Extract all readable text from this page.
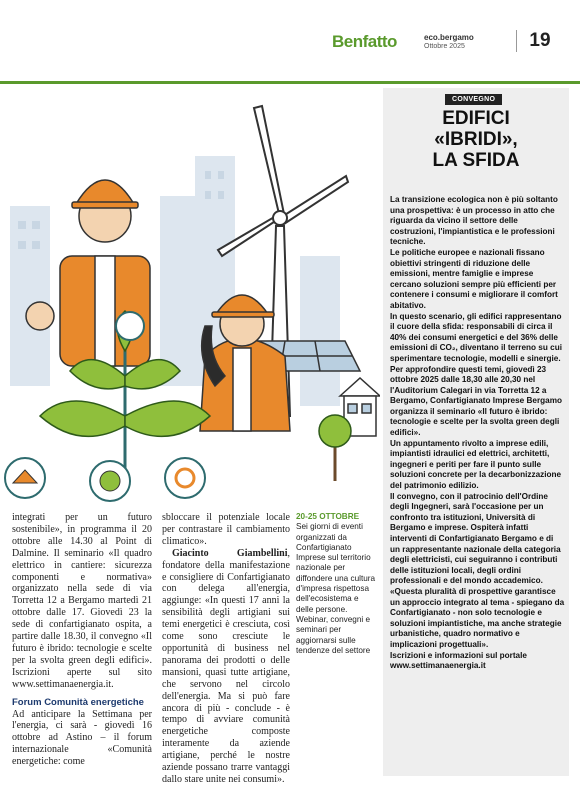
Benfatto	eco.bergamo
Ottobre 2025	19
CONVEGNO
EDIFICI
«IBRIDI»,
LA SFIDA

La transizione ecologica non è più soltanto una prospettiva: è un processo in atto che riguarda da vicino il settore delle costruzioni, l'impiantistica e le professioni tecniche.

Le politiche europee e nazionali fissano obiettivi stringenti di riduzione delle emissioni, mentre famiglie e imprese cercano soluzioni sempre più efficienti per contenere i consumi e migliorare il comfort abitativo.

In questo scenario, gli edifici rappresentano il cuore della sfida: responsabili di circa il 40% dei consumi energetici e del 36% delle emissioni di CO₂, diventano il terreno su cui sperimentare tecnologie, modelli e sinergie. Per approfondire questi temi, giovedì 23 ottobre 2025 dalle 18,30 alle 20,30 nel l'Auditorium Calegari in via Torretta 12 a Bergamo, Confartigianato Imprese Bergamo organizza il seminario «Il futuro è ibrido: tecnologie e scelte per la svolta green degli edifici».

Un appuntamento rivolto a imprese edili, impiantisti idraulici ed elettrici, architetti, ingegneri e periti per fare il punto sulle soluzioni concrete per la decarbonizzazione del patrimonio edilizio.

Il convegno, con il patrocinio dell'Ordine degli Ingegneri, sarà l'occasione per un confronto tra istituzioni, Università di Bergamo e imprese. Ospiterà infatti interventi di Confartigianato Bergamo e di un rappresentante nazionale della categoria degli elettricisti, cui seguiranno i contributi delle istituzioni locali, degli ordini professionali e del mondo accademico.

«Questa pluralità di prospettive garantisce un approccio integrato al tema - spiegano da Confartigianato - non solo tecnologie e soluzioni impiantistiche, ma anche strategie urbanistiche, quadro normativo e implicazioni progettuali».

Iscrizioni e informazioni sul portale www.settimanaenergia.it

integrati per un futuro sostenibile», in programma il 20 ottobre alle 14.30 al Point di Dalmine. Il seminario «Il quadro elettrico in cantiere: sicurezza componenti e normativa» organizzato nella sede di via Torretta 12 a Bergamo martedì 21 ottobre dalle 17. Giovedì 23 la sede di confartigianato ospita, a partire dalle 18.30, il convegno «Il futuro è ibrido: tecnologie e scelte per la svolta green degli edifici». Iscrizioni aperte sul sito www.settimanaenergia.it.
Forum Comunità energetiche
Ad anticipare la Settimana per l'energia, ci sarà - giovedì 16 ottobre ad Astino – il forum internazionale «Comunità energetiche: come
sbloccare il potenziale locale per contrastare il cambiamento climatico».
Giacinto Giambellini, fondatore della manifestazione e consigliere di Confartigianato con delega all'energia, aggiunge: «In questi 17 anni la sensibilità degli artigiani sui temi energetici è cresciuta, così come sono cresciute le opportunità di business nel panorama dei prodotti o delle mansioni, quasi tutte artigiane, che servono nel circolo dell'energia. Ma si può fare ancora di più - conclude - è tempo di avviare comunità energetiche composte interamente da aziende artigiane, perché le nostre aziende possano trarre vantaggi dallo stare unite nei consumi».
20-25 OTTOBRE
Sei giorni di eventi organizzati da Confartigianato Imprese sul territorio nazionale per diffondere una cultura d'impresa rispettosa dell'ecosistema e delle persone. Webinar, convegni e seminari per aggiornarsi sulle tendenze del settore
